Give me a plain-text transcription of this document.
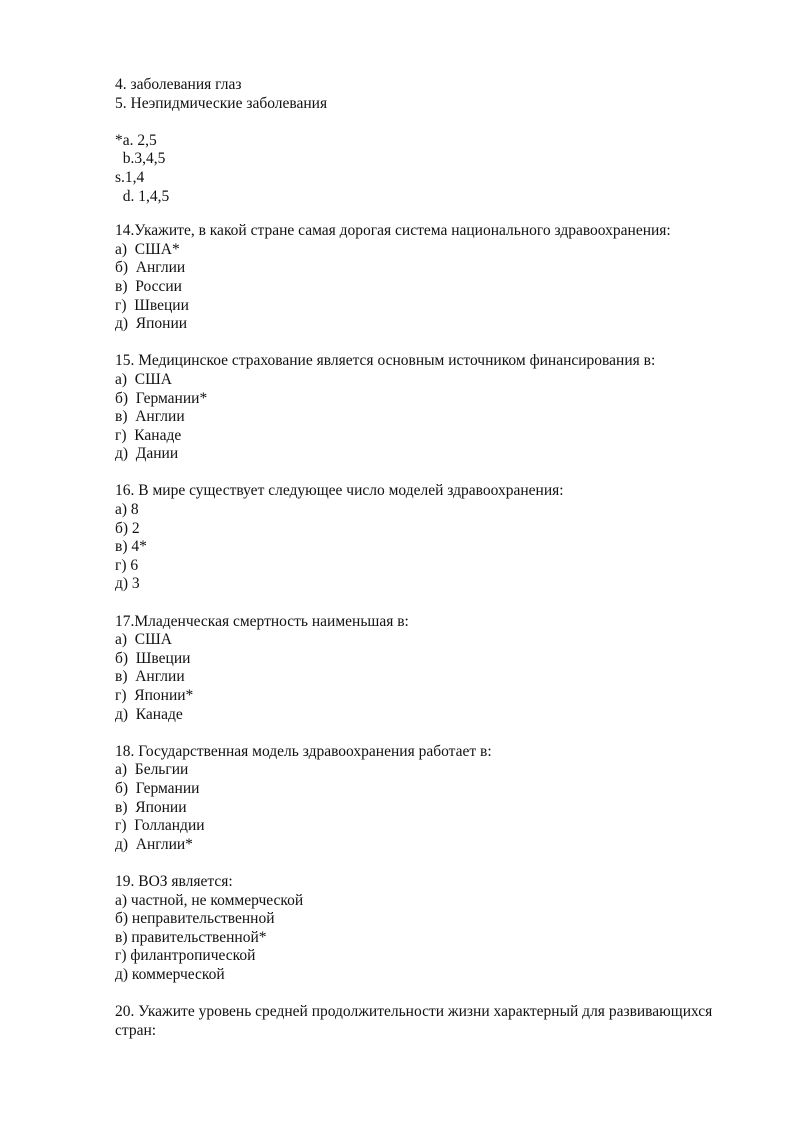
4. заболевания глаз
5. Неэпидмические заболевания
*a. 2,5
b.3,4,5
s.1,4
d. 1,4,5
14.Укажите, в какой стране самая дорогая система национального здравоохранения:
а)  США*
б)  Англии
в)  России
г)  Швеции
д)  Японии
15. Медицинское страхование является основным источником финансирования в:
а)  США
б)  Германии*
в)  Англии
г)  Канаде
д)  Дании
16. В мире существует следующее число моделей здравоохранения:
а) 8
б) 2
в) 4*
г) 6
д) 3
17.Младенческая смертность наименьшая в:
а)  США
б)  Швеции
в)  Англии
г)  Японии*
д)  Канаде
18. Государственная модель здравоохранения работает в:
а)  Бельгии
б)  Германии
в)  Японии
г)  Голландии
д)  Англии*
19. ВОЗ является:
а) частной, не коммерческой
б) неправительственной
в) правительственной*
г) филантропической
д) коммерческой
20. Укажите уровень средней продолжительности жизни характерный для развивающихся стран:
